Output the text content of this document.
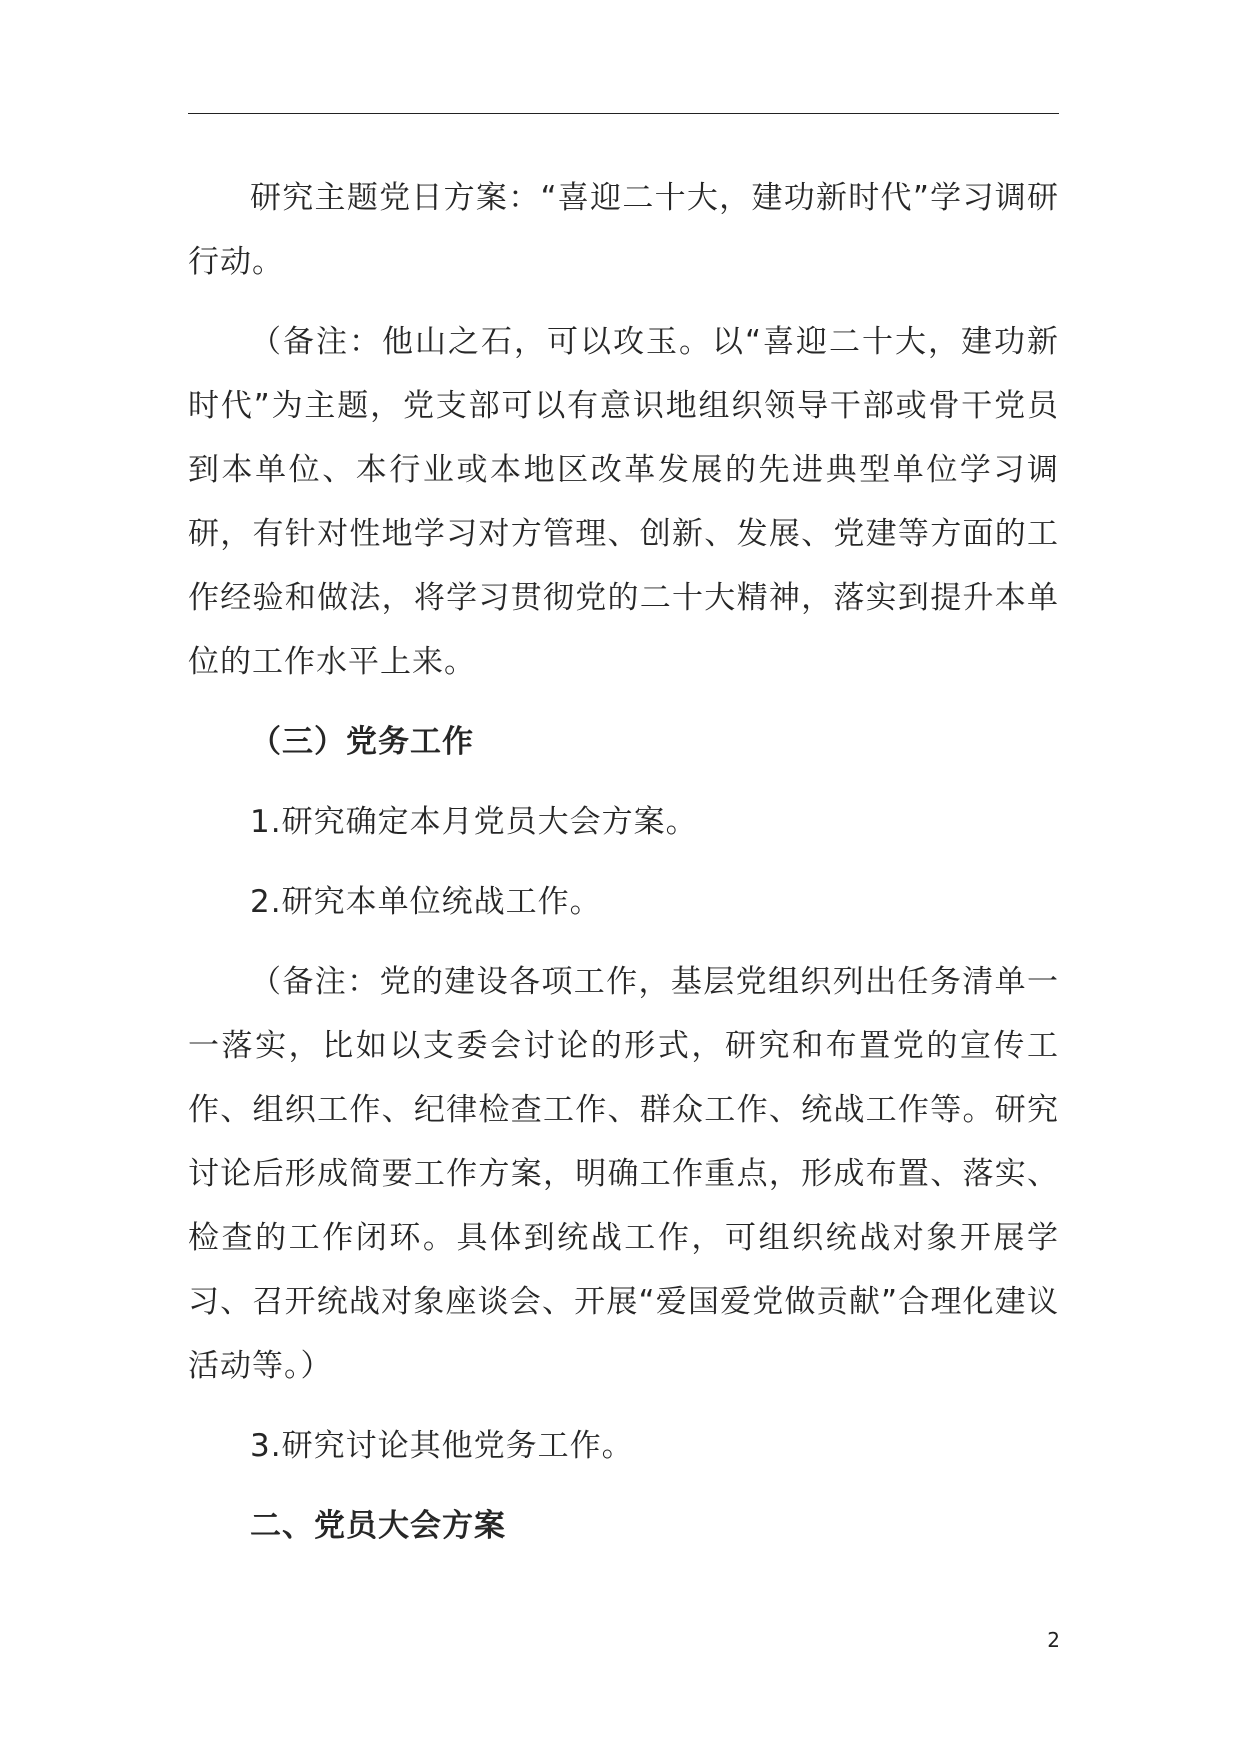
研究主题党日方案：“喜迎二十大，建功新时代”学习调研行动。

（备注：他山之石，可以攻玉。以“喜迎二十大，建功新时代”为主题，党支部可以有意识地组织领导干部或骨干党员到本单位、本行业或本地区改革发展的先进典型单位学习调研，有针对性地学习对方管理、创新、发展、党建等方面的工作经验和做法，将学习贯彻党的二十大精神，落实到提升本单位的工作水平上来。

（三）党务工作

1.研究确定本月党员大会方案。

2.研究本单位统战工作。

（备注：党的建设各项工作，基层党组织列出任务清单一一落实，比如以支委会讨论的形式，研究和布置党的宣传工作、组织工作、纪律检查工作、群众工作、统战工作等。研究讨论后形成简要工作方案，明确工作重点，形成布置、落实、检查的工作闭环。具体到统战工作，可组织统战对象开展学习、召开统战对象座谈会、开展“爱国爱党做贡献”合理化建议活动等。）

3.研究讨论其他党务工作。

二、党员大会方案

2
